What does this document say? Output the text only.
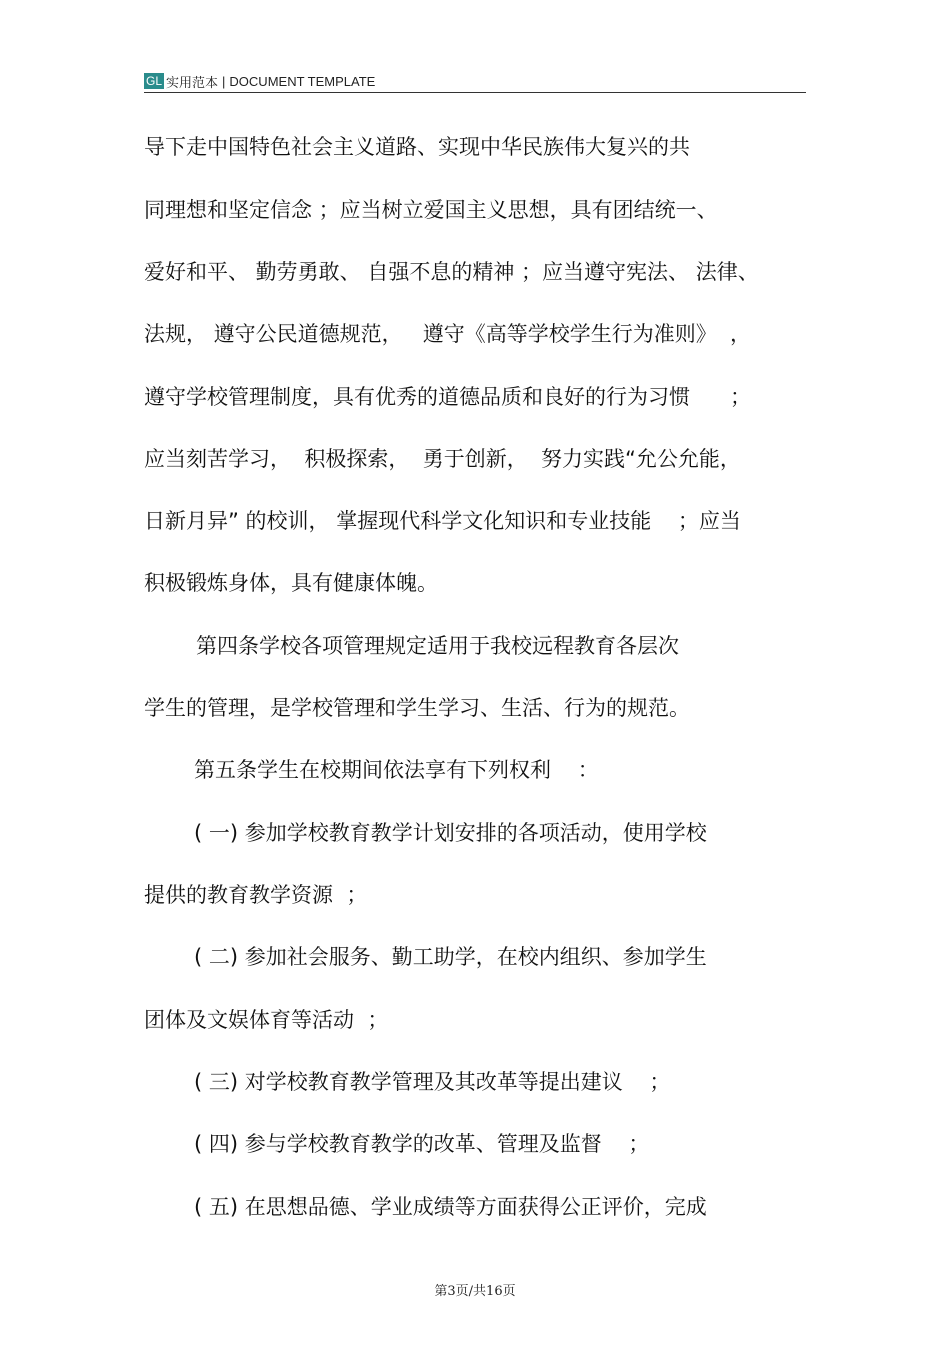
GL 实用范本 | DOCUMENT TEMPLATE
导下走中国特色社会主义道路、实现中华民族伟大复兴的共
同理想和坚定信念 ；应当树立爱国主义思想，具有团结统一、
爱好和平、 勤劳勇敢、 自强不息的精神 ；应当遵守宪法、 法律、
法规， 遵守公民道德规范，   遵守《高等学校学生行为准则》  ，
遵守学校管理制度，具有优秀的道德品质和良好的行为习惯      ；
应当刻苦学习，  积极探索，  勇于创新，  努力实践“允公允能，
日新月异” 的校训， 掌握现代科学文化知识和专业技能    ；应当
积极锻炼身体，具有健康体魄。
第四条学校各项管理规定适用于我校远程教育各层次
学生的管理，是学校管理和学生学习、生活、行为的规范。
第五条学生在校期间依法享有下列权利    ：
( 一) 参加学校教育教学计划安排的各项活动，使用学校
提供的教育教学资源  ；
( 二) 参加社会服务、勤工助学，在校内组织、参加学生
团体及文娱体育等活动  ；
( 三) 对学校教育教学管理及其改革等提出建议    ；
( 四) 参与学校教育教学的改革、管理及监督    ；
( 五) 在思想品德、学业成绩等方面获得公正评价，完成
第3页/共16页
